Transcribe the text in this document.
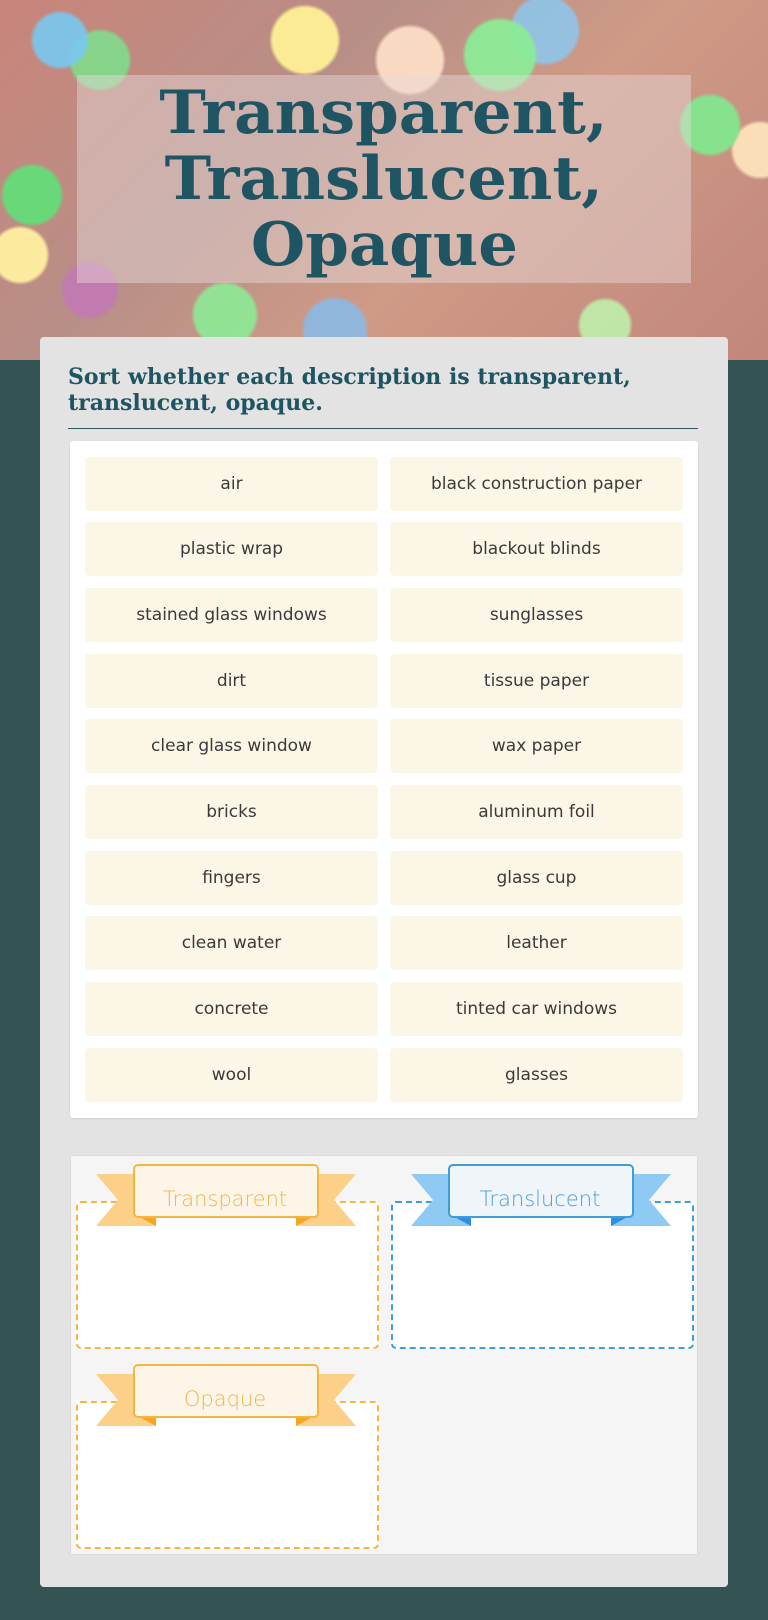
Transparent,
Translucent,
Opaque
Sort whether each description is transparent, translucent, opaque.
air	black construction paper
plastic wrap	blackout blinds
stained glass windows	sunglasses
dirt	tissue paper
clear glass window	wax paper
bricks	aluminum foil
fingers	glass cup
clean water	leather
concrete	tinted car windows
wool	glasses
Transparent	Translucent
Opaque
